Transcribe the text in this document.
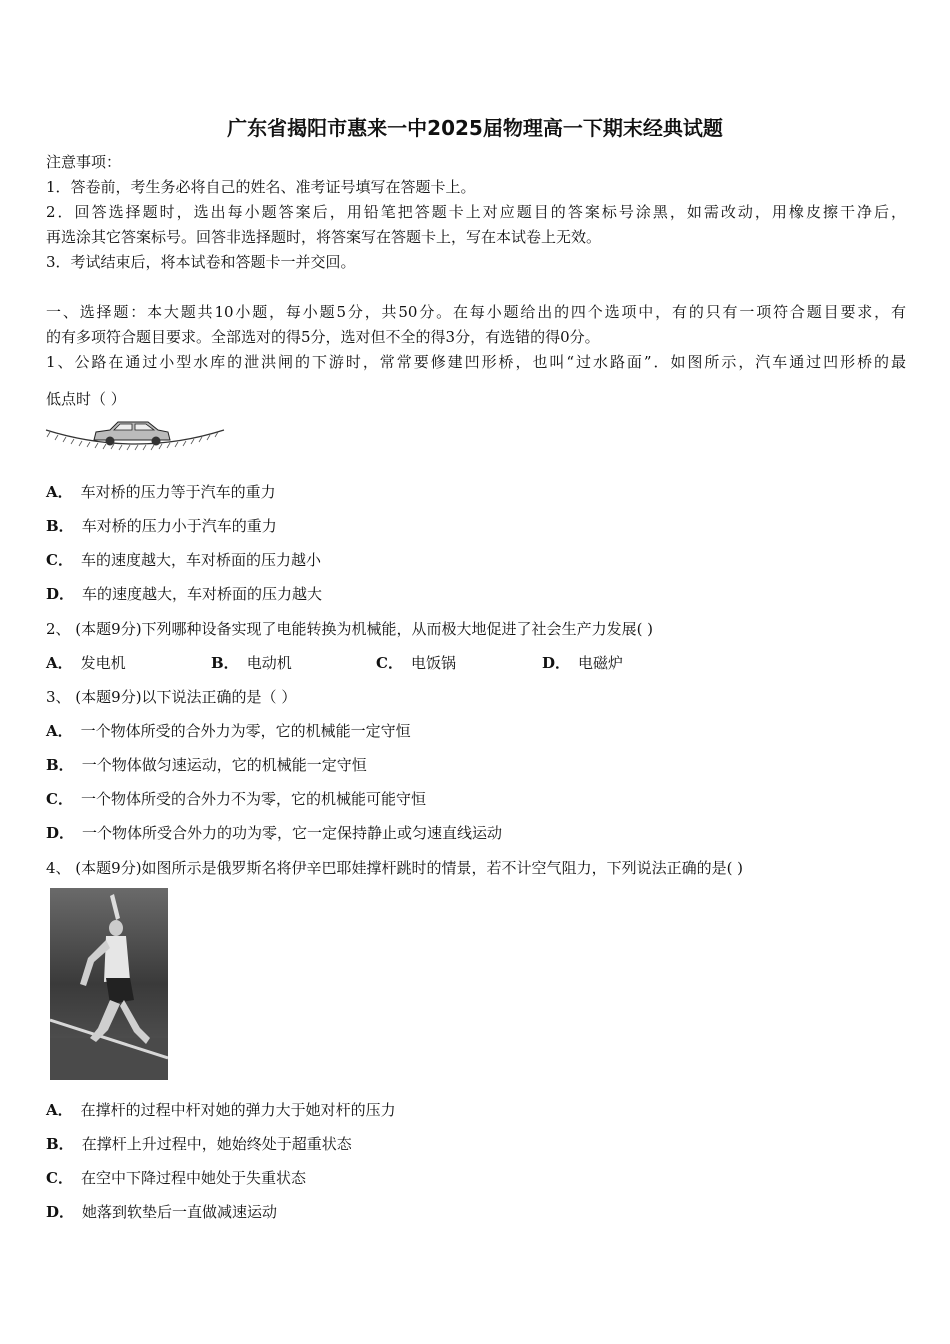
广东省揭阳市惠来一中2025届物理高一下期末经典试题
注意事项：
1．答卷前，考生务必将自己的姓名、准考证号填写在答题卡上。
2．回答选择题时，选出每小题答案后，用铅笔把答题卡上对应题目的答案标号涂黑，如需改动，用橡皮擦干净后，
再选涂其它答案标号。回答非选择题时，将答案写在答题卡上，写在本试卷上无效。
3．考试结束后，将本试卷和答题卡一并交回。
一、选择题：本大题共10小题，每小题5分，共50分。在每小题给出的四个选项中，有的只有一项符合题目要求，有
的有多项符合题目要求。全部选对的得5分，选对但不全的得3分，有选错的得0分。
1、公路在通过小型水库的泄洪闸的下游时，常常要修建凹形桥，也叫“过水路面”．如图所示，汽车通过凹形桥的最
低点时（ ）
A． 车对桥的压力等于汽车的重力
B． 车对桥的压力小于汽车的重力
C． 车的速度越大，车对桥面的压力越小
D． 车的速度越大，车对桥面的压力越大
2、 (本题9分)下列哪种设备实现了电能转换为机械能，从而极大地促进了社会生产力发展( )
A． 发电机	B． 电动机	C． 电饭锅	D． 电磁炉
3、 (本题9分)以下说法正确的是（ ）
A． 一个物体所受的合外力为零，它的机械能一定守恒
B． 一个物体做匀速运动，它的机械能一定守恒
C． 一个物体所受的合外力不为零，它的机械能可能守恒
D． 一个物体所受合外力的功为零，它一定保持静止或匀速直线运动
4、 (本题9分)如图所示是俄罗斯名将伊辛巴耶娃撑杆跳时的情景，若不计空气阻力，下列说法正确的是( )
A． 在撑杆的过程中杆对她的弹力大于她对杆的压力
B． 在撑杆上升过程中，她始终处于超重状态
C． 在空中下降过程中她处于失重状态
D． 她落到软垫后一直做减速运动
